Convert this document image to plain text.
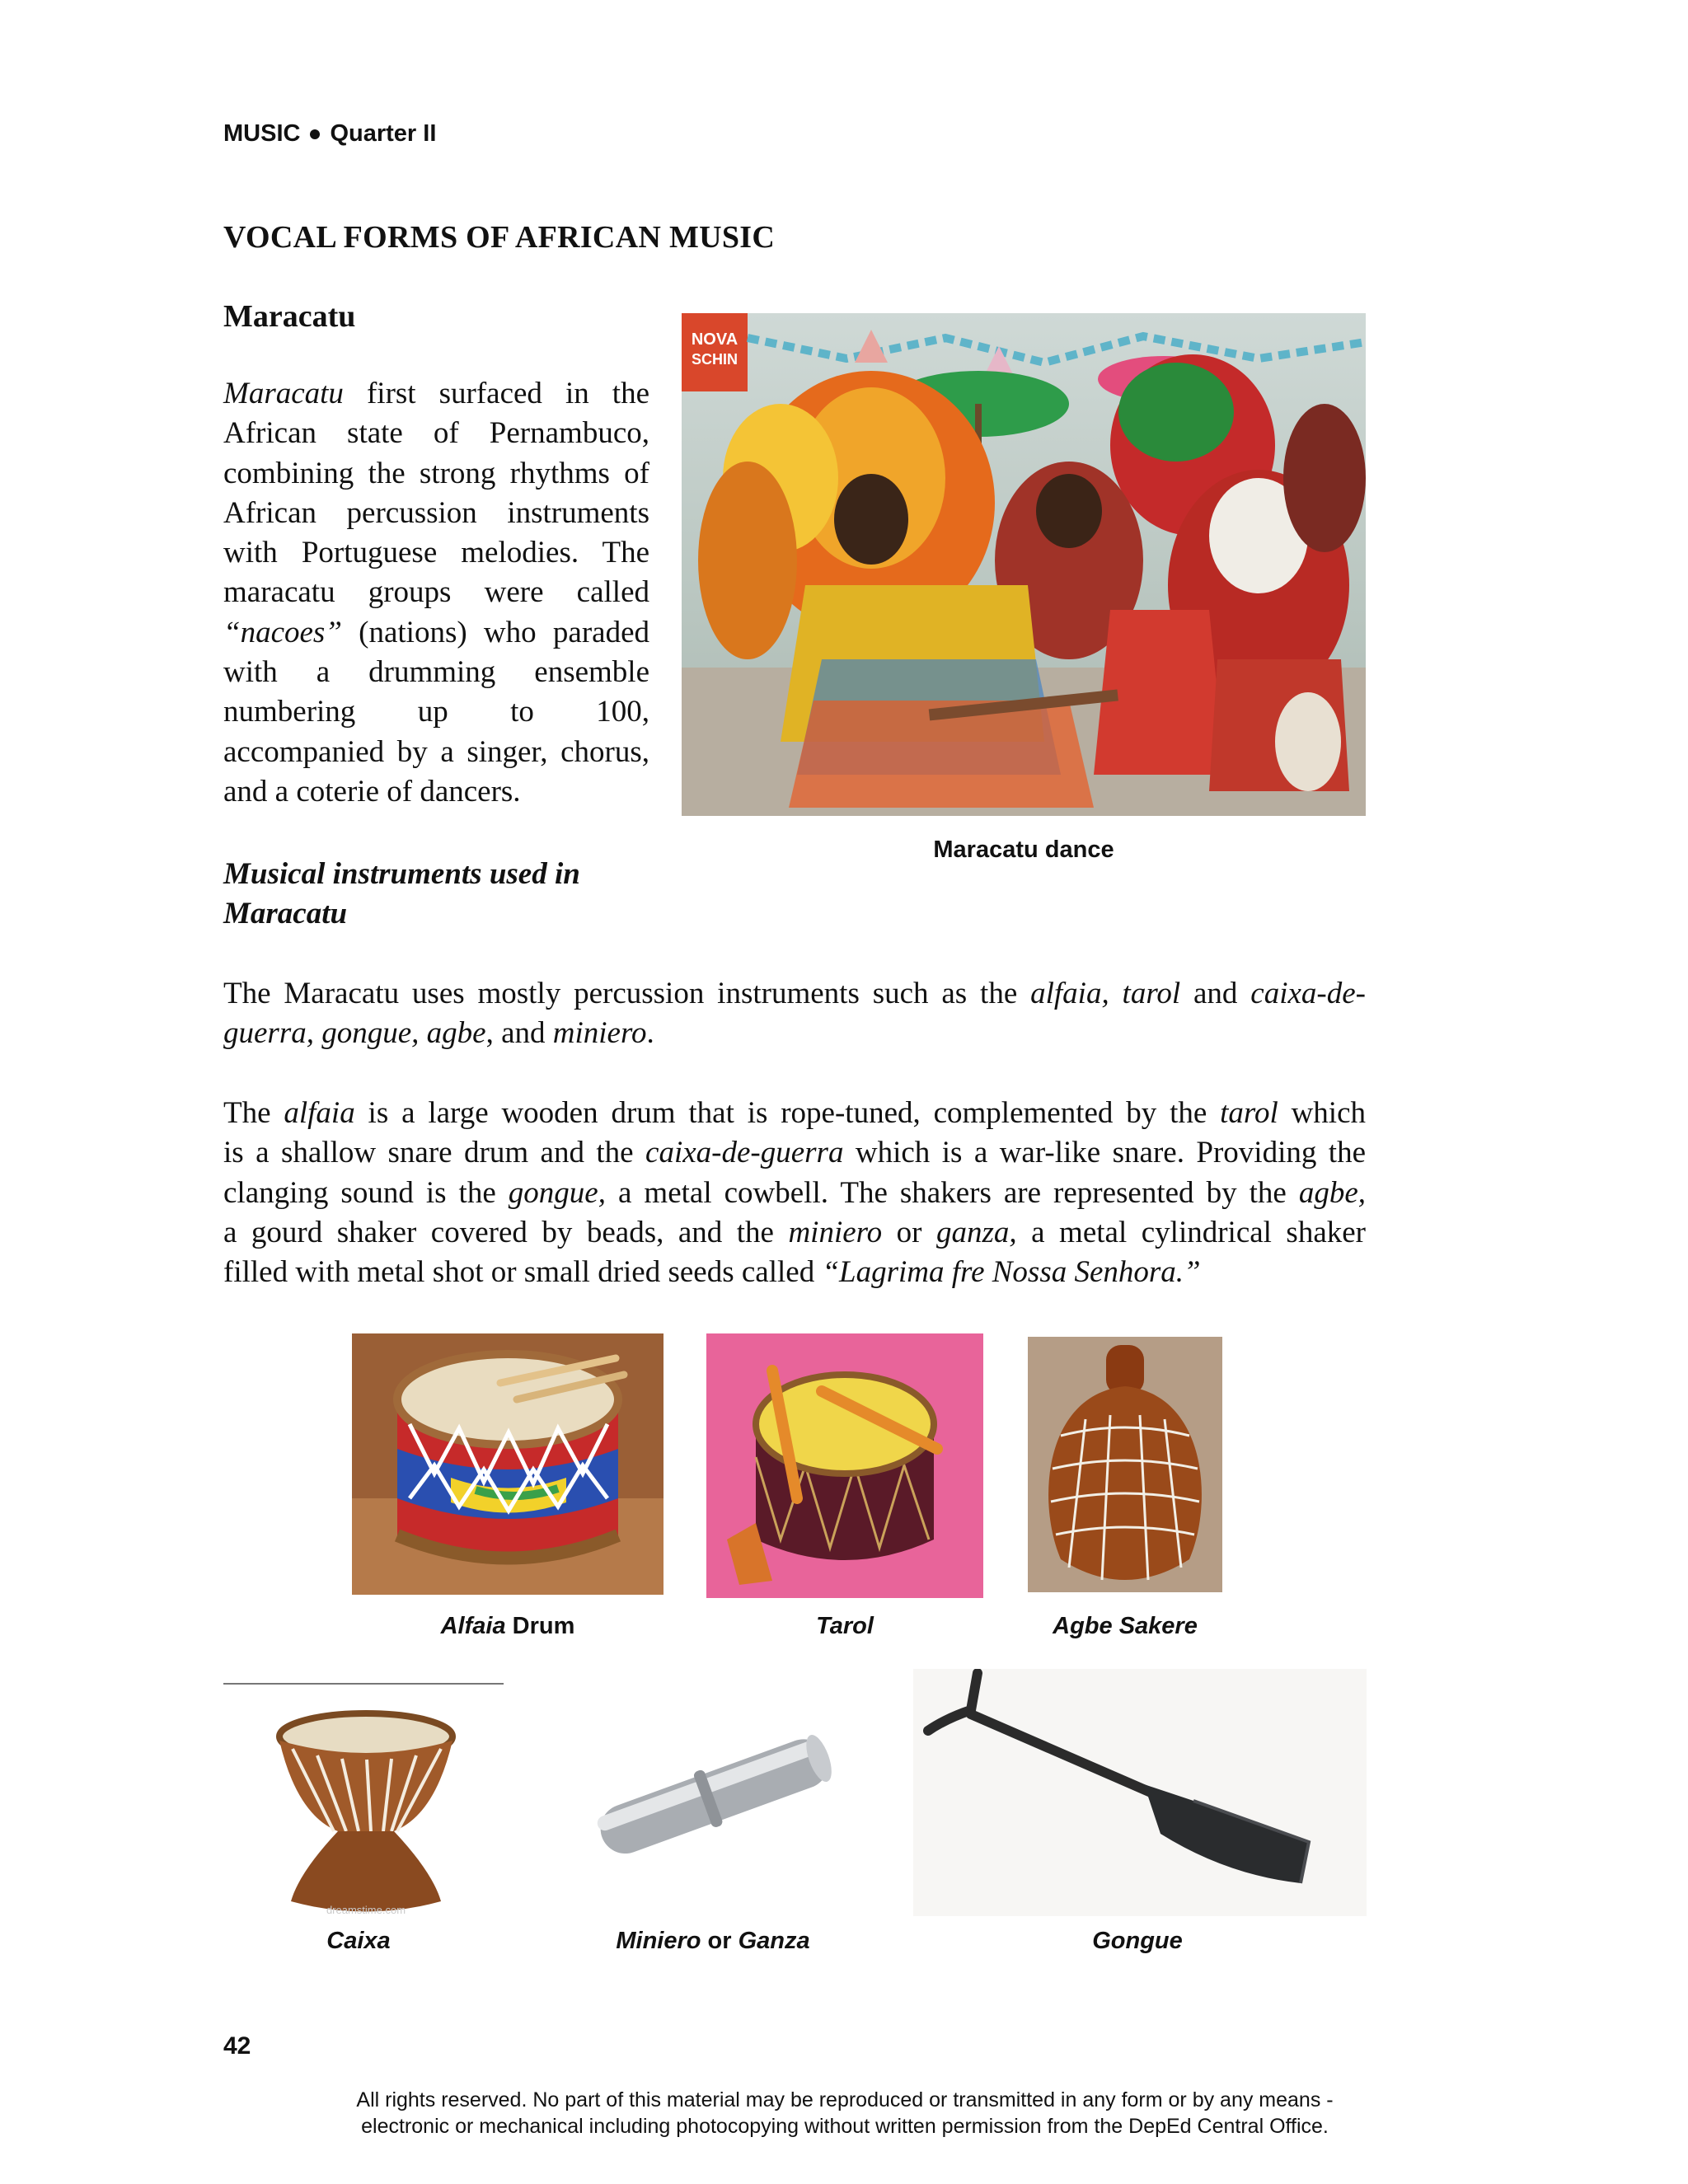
MUSIC Quarter II
VOCAL FORMS OF AFRICAN MUSIC
Maracatu
Maracatu first surfaced in the
African state of Pernambuco,
combining the strong rhythms of
African percussion instruments
with Portuguese melodies. The
maracatu groups were called
“nacoes” (nations) who paraded
with a drumming ensemble
numbering up to 100,
accompanied by a singer, chorus,
and a coterie of dancers.
NOVA
SCHIN
Maracatu dance
Musical instruments used in
Maracatu
The Maracatu uses mostly percussion instruments such as the alfaia, tarol and caixa-de-guerra, gongue, agbe, and miniero.
The alfaia is a large wooden drum that is rope-tuned, complemented by the tarol which
is a shallow snare drum and the caixa-de-guerra which is a war-like snare. Providing the
clanging sound is the gongue, a metal cowbell. The shakers are represented by the agbe,
a gourd shaker covered by beads, and the miniero or ganza, a metal cylindrical shaker
filled with metal shot or small dried seeds called “Lagrima fre Nossa Senhora.”
Alfaia Drum	Tarol	Agbe Sakere
dreamstime.com
Caixa	Miniero or Ganza	Gongue
42
All rights reserved. No part of this material may be reproduced or transmitted in any form or by any means -
electronic or mechanical including photocopying without written permission from the DepEd Central Office.
